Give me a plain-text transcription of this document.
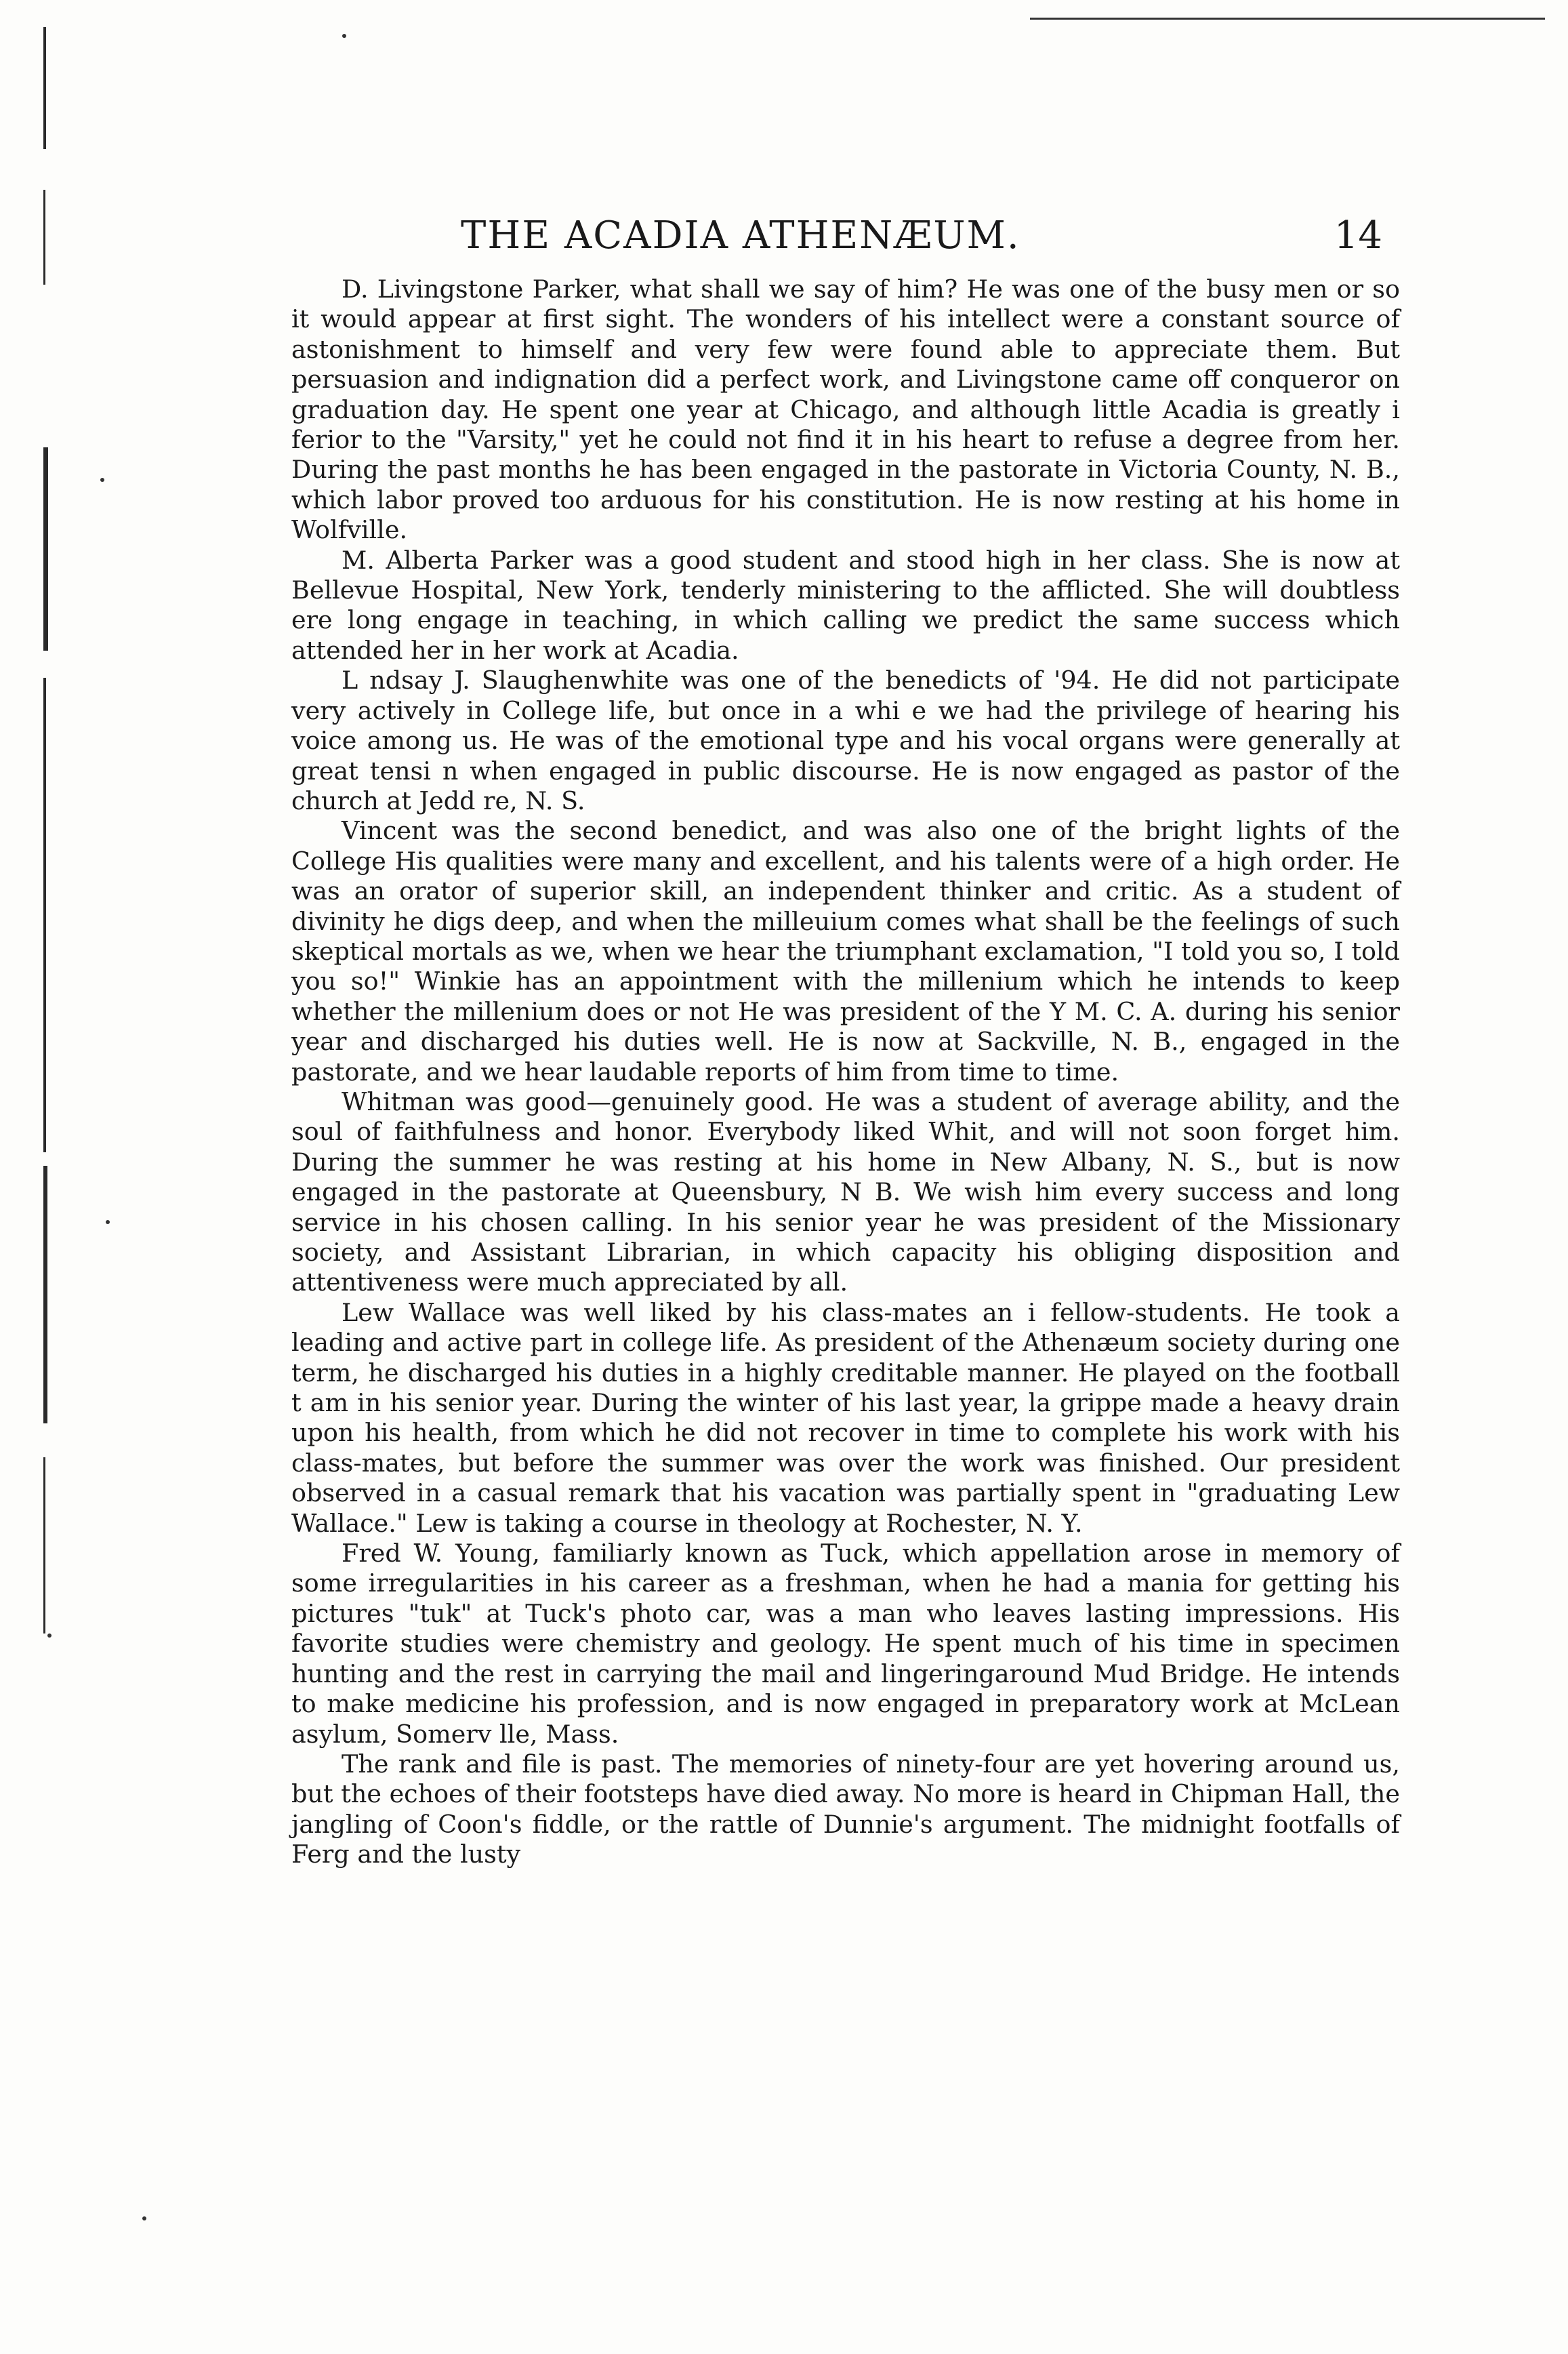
THE ACADIA ATHENÆUM.	14

D. Livingstone Parker, what shall we say of him? He was one of the busy men or so it would appear at first sight. The wonders of his intellect were a constant source of astonishment to himself and very few were found able to appreciate them. But persuasion and indignation did a perfect work, and Livingstone came off conqueror on graduation day. He spent one year at Chicago, and although little Acadia is greatly i ferior to the "Varsity," yet he could not find it in his heart to refuse a degree from her. During the past months he has been engaged in the pastorate in Victoria County, N. B., which labor proved too arduous for his constitution. He is now resting at his home in Wolfville.

M. Alberta Parker was a good student and stood high in her class. She is now at Bellevue Hospital, New York, tenderly ministering to the afflicted. She will doubtless ere long engage in teaching, in which calling we predict the same success which attended her in her work at Acadia.

L ndsay J. Slaughenwhite was one of the benedicts of '94. He did not participate very actively in College life, but once in a whi e we had the privilege of hearing his voice among us. He was of the emotional type and his vocal organs were generally at great tensi n when engaged in public discourse. He is now engaged as pastor of the church at Jedd re, N. S.

Vincent was the second benedict, and was also one of the bright lights of the College His qualities were many and excellent, and his talents were of a high order. He was an orator of superior skill, an independent thinker and critic. As a student of divinity he digs deep, and when the milleuium comes what shall be the feelings of such skeptical mortals as we, when we hear the triumphant exclamation, "I told you so, I told you so!" Winkie has an appointment with the millenium which he intends to keep whether the millenium does or not He was president of the Y M. C. A. during his senior year and discharged his duties well. He is now at Sackville, N. B., engaged in the pastorate, and we hear laudable reports of him from time to time.

Whitman was good—genuinely good. He was a student of average ability, and the soul of faithfulness and honor. Everybody liked Whit, and will not soon forget him. During the summer he was resting at his home in New Albany, N. S., but is now engaged in the pastorate at Queensbury, N B. We wish him every success and long service in his chosen calling. In his senior year he was president of the Missionary society, and Assistant Librarian, in which capacity his obliging disposition and attentiveness were much appreciated by all.

Lew Wallace was well liked by his class-mates an i fellow-students. He took a leading and active part in college life. As president of the Athenæum society during one term, he discharged his duties in a highly creditable manner. He played on the football t am in his senior year. During the winter of his last year, la grippe made a heavy drain upon his health, from which he did not recover in time to complete his work with his class-mates, but before the summer was over the work was finished. Our president observed in a casual remark that his vacation was partially spent in "graduating Lew Wallace." Lew is taking a course in theology at Rochester, N. Y.

Fred W. Young, familiarly known as Tuck, which appellation arose in memory of some irregularities in his career as a freshman, when he had a mania for getting his pictures "tuk" at Tuck's photo car, was a man who leaves lasting impressions. His favorite studies were chemistry and geology. He spent much of his time in specimen hunting and the rest in carrying the mail and lingeringaround Mud Bridge. He intends to make medicine his profession, and is now engaged in preparatory work at McLean asylum, Somerv lle, Mass.

The rank and file is past. The memories of ninety-four are yet hovering around us, but the echoes of their footsteps have died away. No more is heard in Chipman Hall, the jangling of Coon's fiddle, or the rattle of Dunnie's argument. The midnight footfalls of Ferg and the lusty
